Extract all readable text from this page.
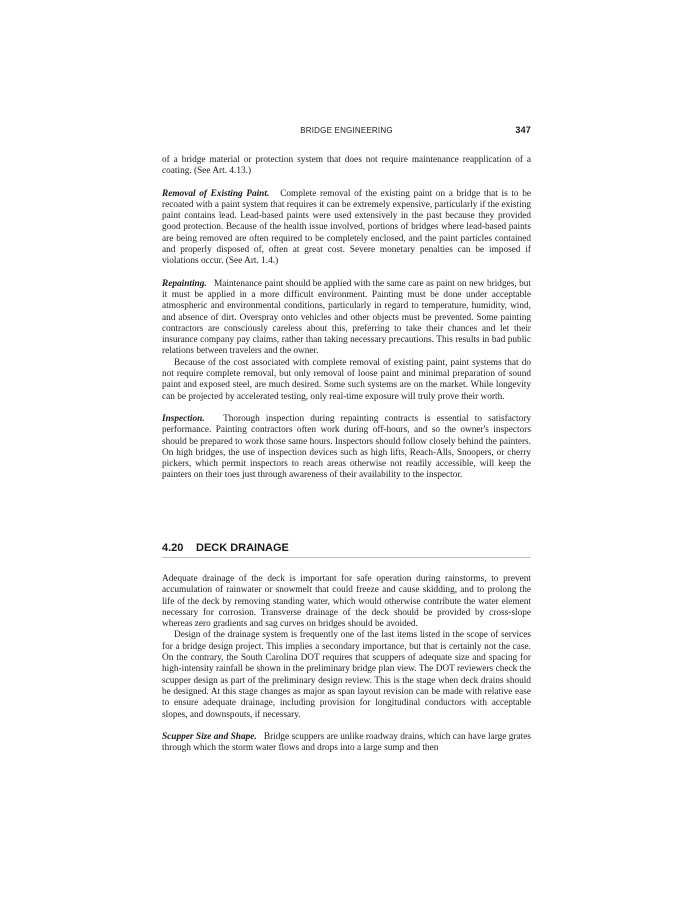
BRIDGE ENGINEERING	347

of a bridge material or protection system that does not require maintenance reapplication of a coating. (See Art. 4.13.)

Removal of Existing Paint. Complete removal of the existing paint on a bridge that is to be recoated with a paint system that requires it can be extremely expensive, particularly if the existing paint contains lead. Lead-based paints were used extensively in the past because they provided good protection. Because of the health issue involved, portions of bridges where lead-based paints are being removed are often required to be completely enclosed, and the paint particles contained and properly disposed of, often at great cost. Severe monetary penalties can be imposed if violations occur. (See Art. 1.4.)

Repainting. Maintenance paint should be applied with the same care as paint on new bridges, but it must be applied in a more difficult environment. Painting must be done under acceptable atmospheric and environmental conditions, particularly in regard to temperature, humidity, wind, and absence of dirt. Overspray onto vehicles and other objects must be prevented. Some painting contractors are consciously careless about this, preferring to take their chances and let their insurance company pay claims, rather than taking necessary precautions. This results in bad public relations between travelers and the owner.

Because of the cost associated with complete removal of existing paint, paint systems that do not require complete removal, but only removal of loose paint and minimal preparation of sound paint and exposed steel, are much desired. Some such systems are on the market. While longevity can be projected by accelerated testing, only real-time exposure will truly prove their worth.

Inspection. Thorough inspection during repainting contracts is essential to satisfactory performance. Painting contractors often work during off-hours, and so the owner's inspectors should be prepared to work those same hours. Inspectors should follow closely behind the painters. On high bridges, the use of inspection devices such as high lifts, Reach-Alls, Snoopers, or cherry pickers, which permit inspectors to reach areas otherwise not readily accessible, will keep the painters on their toes just through awareness of their availability to the inspector.

4.20 DECK DRAINAGE

Adequate drainage of the deck is important for safe operation during rainstorms, to prevent accumulation of rainwater or snowmelt that could freeze and cause skidding, and to prolong the life of the deck by removing standing water, which would otherwise contribute the water element necessary for corrosion. Transverse drainage of the deck should be provided by cross-slope whereas zero gradients and sag curves on bridges should be avoided.

Design of the drainage system is frequently one of the last items listed in the scope of services for a bridge design project. This implies a secondary importance, but that is certainly not the case. On the contrary, the South Carolina DOT requires that scuppers of adequate size and spacing for high-intensity rainfall be shown in the preliminary bridge plan view. The DOT reviewers check the scupper design as part of the preliminary design review. This is the stage when deck drains should be designed. At this stage changes as major as span layout revision can be made with relative ease to ensure adequate drainage, including provision for longitudinal conductors with acceptable slopes, and downspouts, if necessary.

Scupper Size and Shape. Bridge scuppers are unlike roadway drains, which can have large grates through which the storm water flows and drops into a large sump and then
